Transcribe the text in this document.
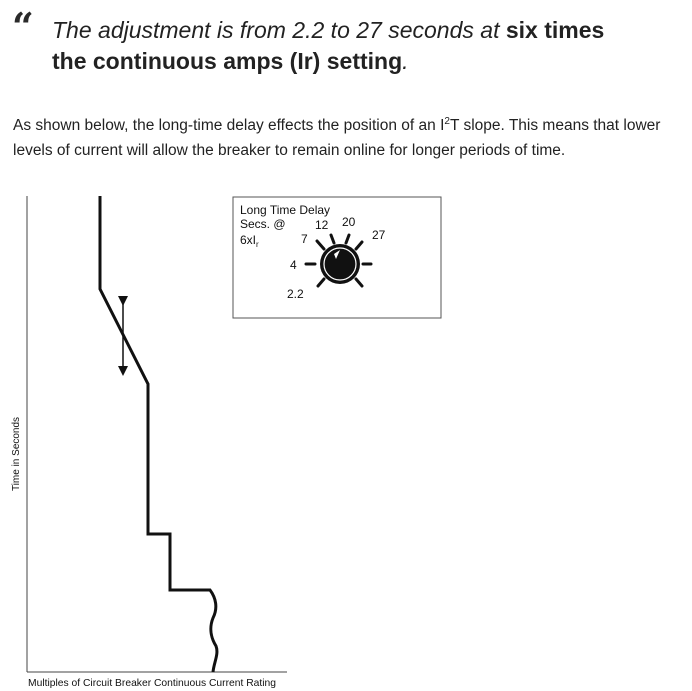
“ The adjustment is from 2.2 to 27 seconds at six times
the continuous amps (Ir) setting.
As shown below, the long-time delay effects the position of an $I^2T$ slope. This means that lower levels of current will allow the breaker to remain online for longer periods of time.
Time in Seconds
Multiples of Circuit Breaker Continuous Current Rating
Long Time Delay
Secs. @
$6xI_r$
2.2
4
7
12 20
27
